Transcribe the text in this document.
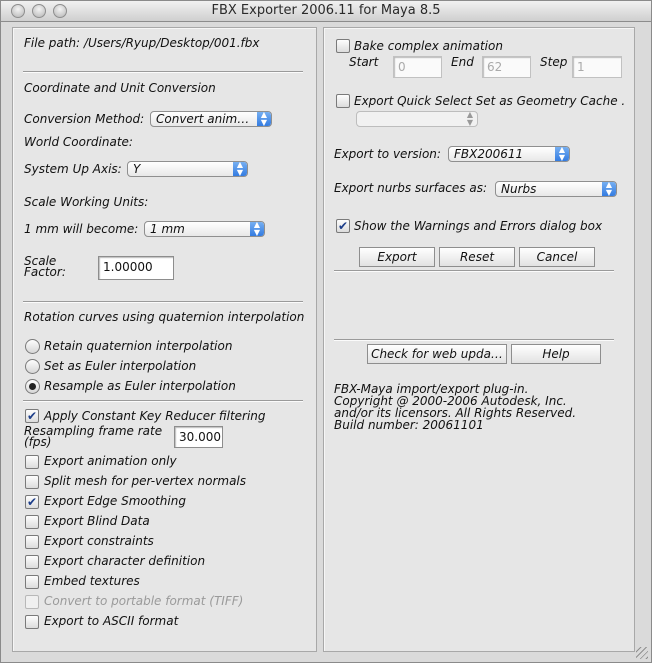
FBX Exporter 2006.11 for Maya 8.5
File path: /Users/Ryup/Desktop/001.fbx
Coordinate and Unit Conversion
Conversion Method: Convert anim…	▲
▼
World Coordinate:
System Up Axis: Y	▲
▼
Scale Working Units:
1 mm will become: 1 mm	▲
▼
Scale
Factor:	1.00000
Rotation curves using quaternion interpolation
Retain quaternion interpolation
Set as Euler interpolation
Resample as Euler interpolation
✔ Apply Constant Key Reducer filtering
Resampling frame rate
(fps)	30.000
Export animation only
Split mesh for per-vertex normals
✔ Export Edge Smoothing
Export Blind Data
Export constraints
Export character definition
Embed textures
Convert to portable format (TIFF)
Export to ASCII format
Bake complex animation
Start	0	End	62	Step 1
Export Quick Select Set as Geometry Cache .
▲
▼
Export to version:	FBX200611	▲
▼
Export nurbs surfaces as:	Nurbs	▲
▼
✔ Show the Warnings and Errors dialog box
Export	Reset	Cancel
Check for web upda…	Help
FBX-Maya import/export plug-in.
Copyright @ 2000-2006 Autodesk, Inc.
and/or its licensors. All Rights Reserved.
Build number: 20061101
